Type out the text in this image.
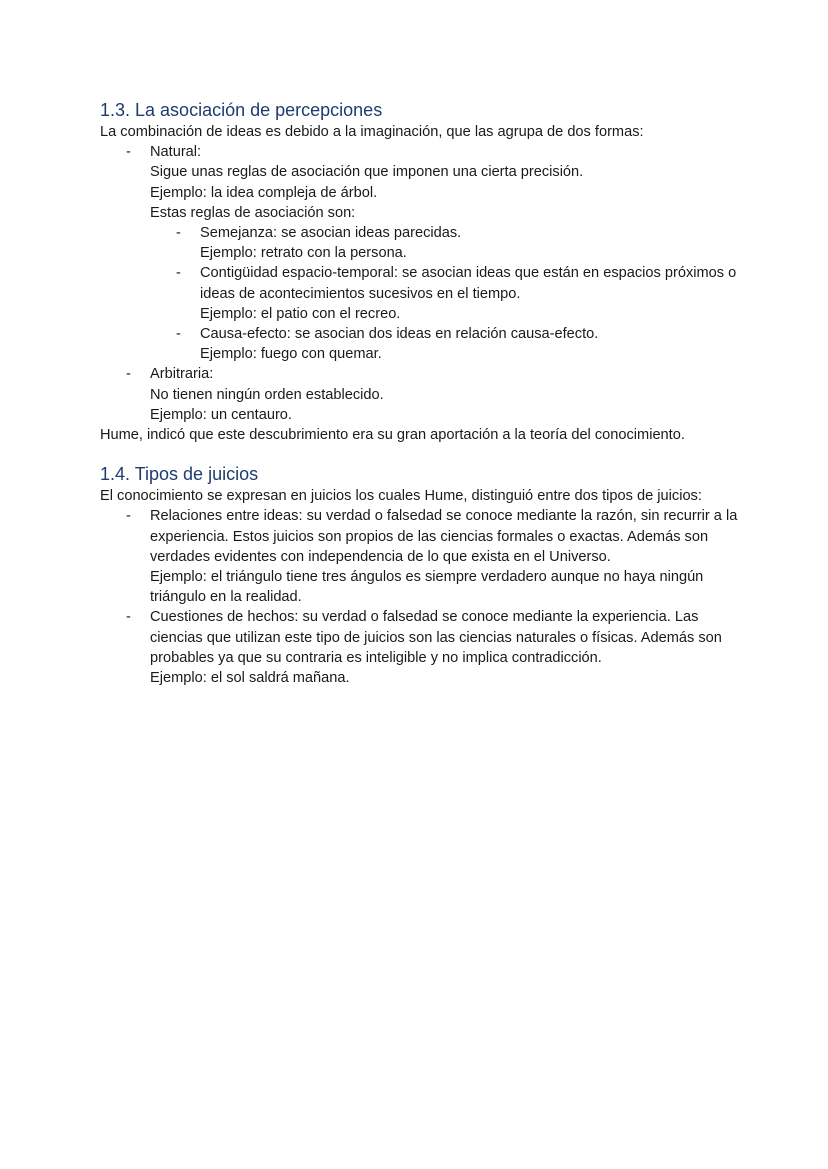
1.3. La asociación de percepciones

La combinación de ideas es debido a la imaginación, que las agrupa de dos formas:

- Natural:
Sigue unas reglas de asociación que imponen una cierta precisión.
Ejemplo: la idea compleja de árbol.
Estas reglas de asociación son:
- Semejanza: se asocian ideas parecidas.
Ejemplo: retrato con la persona.
- Contigüidad espacio-temporal: se asocian ideas que están en espacios próximos o ideas de acontecimientos sucesivos en el tiempo.
Ejemplo: el patio con el recreo.
- Causa-efecto: se asocian dos ideas en relación causa-efecto.
Ejemplo: fuego con quemar.
- Arbitraria:
No tienen ningún orden establecido.
Ejemplo: un centauro.

Hume, indicó que este descubrimiento era su gran aportación a la teoría del conocimiento.

1.4. Tipos de juicios

El conocimiento se expresan en juicios los cuales Hume, distinguió entre dos tipos de juicios:

- Relaciones entre ideas: su verdad o falsedad se conoce mediante la razón, sin recurrir a la experiencia. Estos juicios son propios de las ciencias formales o exactas. Además son verdades evidentes con independencia de lo que exista en el Universo.
Ejemplo: el triángulo tiene tres ángulos es siempre verdadero aunque no haya ningún triángulo en la realidad.
- Cuestiones de hechos: su verdad o falsedad se conoce mediante la experiencia. Las ciencias que utilizan este tipo de juicios son las ciencias naturales o físicas. Además son probables ya que su contraria es inteligible y no implica contradicción.
Ejemplo: el sol saldrá mañana.
